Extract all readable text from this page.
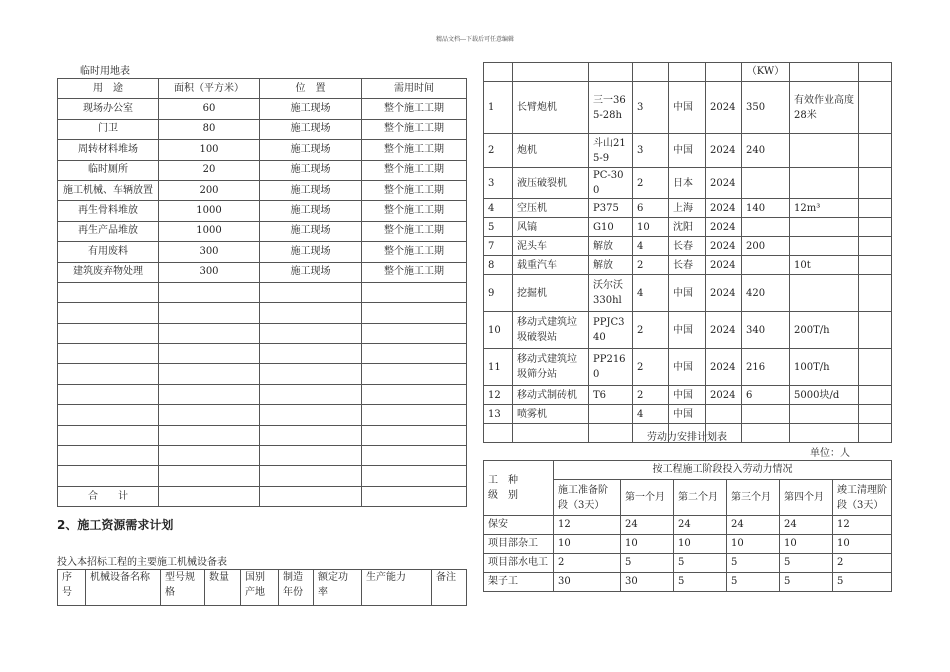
精品文档---下载后可任意编辑
临时用地表
用　途	面积（平方米）	位　置	需用时间
现场办公室	60	施工现场	整个施工工期
门卫	80	施工现场	整个施工工期
周转材料堆场	100	施工现场	整个施工工期
临时厕所	20	施工现场	整个施工工期
施工机械、车辆放置	200	施工现场	整个施工工期
再生骨料堆放	1000	施工现场	整个施工工期
再生产品堆放	1000	施工现场	整个施工工期
有用废料	300	施工现场	整个施工工期
建筑废弃物处理	300	施工现场	整个施工工期

合　　计			
2、施工资源需求计划
投入本招标工程的主要施工机械设备表
序号	机械设备名称	型号规格	数量	国别产地	制造年份	额定功率	生产能力	备注
						（KW）		
1	长臂炮机	三一365-28h	3	中国	2024	350	有效作业高度28米	
2	炮机	斗山215-9	3	中国	2024	240		
3	液压破裂机	PC-300	2	日本	2024			
4	空压机	P375	6	上海	2024	140	12m³	
5	风镐	G10	10	沈阳	2024			
7	泥头车	解放	4	长春	2024	200		
8	载重汽车	解放	2	长春	2024		10t	
9	挖掘机	沃尔沃330hl	4	中国	2024	420		
10	移动式建筑垃圾破裂站	PPJC340	2	中国	2024	340	200T/h	
11	移动式建筑垃圾筛分站	PP2160	2	中国	2024	216	100T/h	
12	移动式制砖机	T6	2	中国	2024	6	5000块/d	
13	喷雾机		4	中国				

劳动力安排计划表
单位：人
工　种
级　别	按工程施工阶段投入劳动力情况					
	施工准备阶段（3天）	第一个月	第二个月	第三个月	第四个月	竣工清理阶段（3天）
保安	12	24	24	24	24	12
项目部杂工	10	10	10	10	10	10
项目部水电工	2	5	5	5	5	2
架子工	30	30	5	5	5	5
